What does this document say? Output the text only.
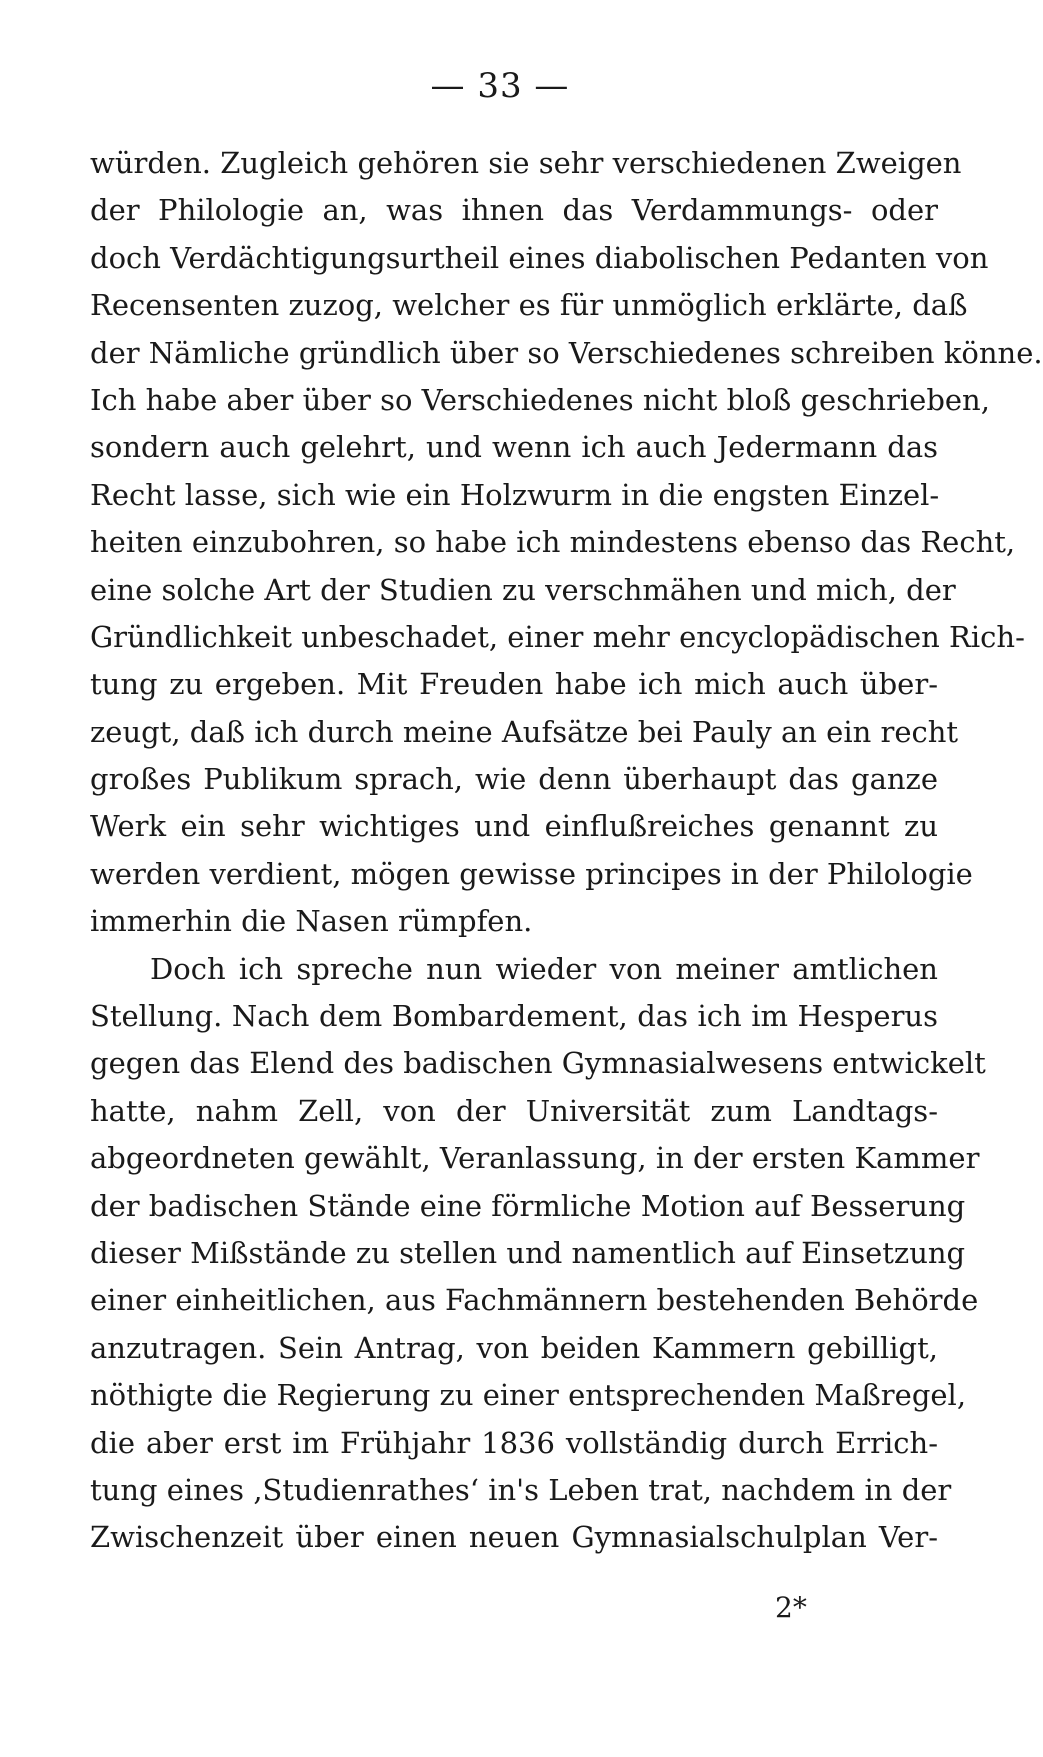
— 33 —
würden. Zugleich gehören sie sehr verschiedenen Zweigen
der Philologie an, was ihnen das Verdammungs- oder
doch Verdächtigungsurtheil eines diabolischen Pedanten von
Recensenten zuzog, welcher es für unmöglich erklärte, daß
der Nämliche gründlich über so Verschiedenes schreiben könne.
Ich habe aber über so Verschiedenes nicht bloß geschrieben,
sondern auch gelehrt, und wenn ich auch Jedermann das
Recht lasse, sich wie ein Holzwurm in die engsten Einzel-
heiten einzubohren, so habe ich mindestens ebenso das Recht,
eine solche Art der Studien zu verschmähen und mich, der
Gründlichkeit unbeschadet, einer mehr encyclopädischen Rich-
tung zu ergeben. Mit Freuden habe ich mich auch über-
zeugt, daß ich durch meine Aufsätze bei Pauly an ein recht
großes Publikum sprach, wie denn überhaupt das ganze
Werk ein sehr wichtiges und einflußreiches genannt zu
werden verdient, mögen gewisse principes in der Philologie
immerhin die Nasen rümpfen.
Doch ich spreche nun wieder von meiner amtlichen
Stellung. Nach dem Bombardement, das ich im Hesperus
gegen das Elend des badischen Gymnasialwesens entwickelt
hatte, nahm Zell, von der Universität zum Landtags-
abgeordneten gewählt, Veranlassung, in der ersten Kammer
der badischen Stände eine förmliche Motion auf Besserung
dieser Mißstände zu stellen und namentlich auf Einsetzung
einer einheitlichen, aus Fachmännern bestehenden Behörde
anzutragen. Sein Antrag, von beiden Kammern gebilligt,
nöthigte die Regierung zu einer entsprechenden Maßregel,
die aber erst im Frühjahr 1836 vollständig durch Errich-
tung eines ‚Studienrathes‘ in's Leben trat, nachdem in der
Zwischenzeit über einen neuen Gymnasialschulplan Ver-
2*
